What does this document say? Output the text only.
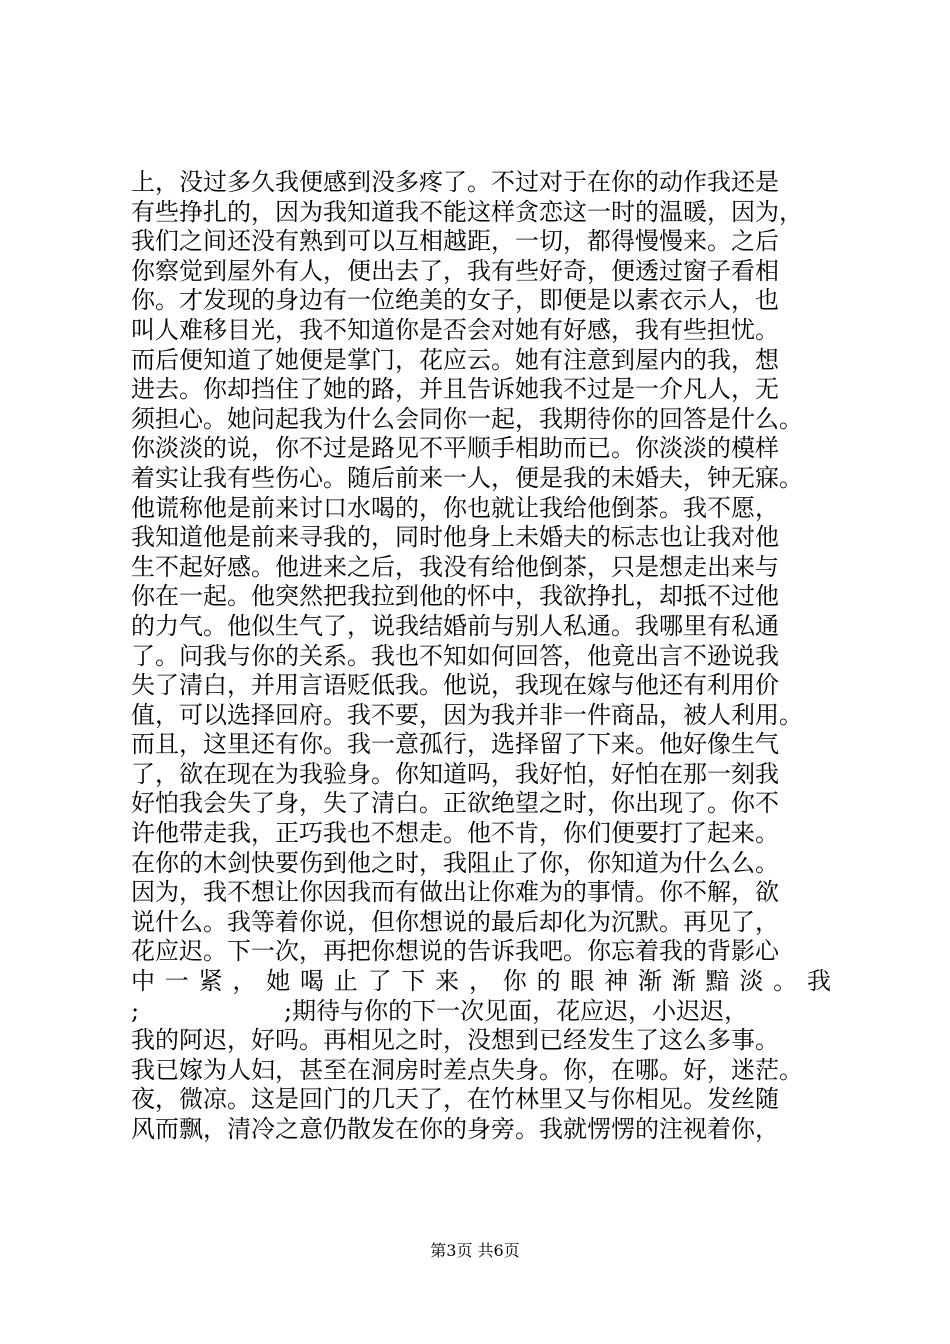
上，没过多久我便感到没多疼了。不过对于在你的动作我还是
有些挣扎的，因为我知道我不能这样贪恋这一时的温暖，因为，
我们之间还没有熟到可以互相越距，一切，都得慢慢来。之后
你察觉到屋外有人，便出去了，我有些好奇，便透过窗子看相
你。才发现的身边有一位绝美的女子，即便是以素衣示人，也
叫人难移目光，我不知道你是否会对她有好感，我有些担忧。
而后便知道了她便是掌门，花应云。她有注意到屋内的我，想
进去。你却挡住了她的路，并且告诉她我不过是一介凡人，无
须担心。她问起我为什么会同你一起，我期待你的回答是什么。
你淡淡的说，你不过是路见不平顺手相助而已。你淡淡的模样
着实让我有些伤心。随后前来一人，便是我的未婚夫，钟无寐。
他谎称他是前来讨口水喝的，你也就让我给他倒茶。我不愿，
我知道他是前来寻我的，同时他身上未婚夫的标志也让我对他
生不起好感。他进来之后，我没有给他倒茶，只是想走出来与
你在一起。他突然把我拉到他的怀中，我欲挣扎，却抵不过他
的力气。他似生气了，说我结婚前与别人私通。我哪里有私通
了。问我与你的关系。我也不知如何回答，他竟出言不逊说我
失了清白，并用言语贬低我。他说，我现在嫁与他还有利用价
值，可以选择回府。我不要，因为我并非一件商品，被人利用。
而且，这里还有你。我一意孤行，选择留了下来。他好像生气
了，欲在现在为我验身。你知道吗，我好怕，好怕在那一刻我
好怕我会失了身，失了清白。正欲绝望之时，你出现了。你不
许他带走我，正巧我也不想走。他不肯，你们便要打了起来。
在你的木剑快要伤到他之时，我阻止了你，你知道为什么么。
因为，我不想让你因我而有做出让你难为的事情。你不解，欲
说什么。我等着你说，但你想说的最后却化为沉默。再见了，
花应迟。下一次，再把你想说的告诉我吧。你忘着我的背影心
中 一 紧 ， 她 喝 止 了 下 来 ， 你 的 眼 神 渐 渐 黯 淡 。 我
;                   ;期待与你的下一次见面，花应迟，小迟迟，
我的阿迟，好吗。再相见之时，没想到已经发生了这么多事。
我已嫁为人妇，甚至在洞房时差点失身。你，在哪。好，迷茫。
夜，微凉。这是回门的几天了，在竹林里又与你相见。发丝随
风而飘，清冷之意仍散发在你的身旁。我就愣愣的注视着你，
第3页 共6页
